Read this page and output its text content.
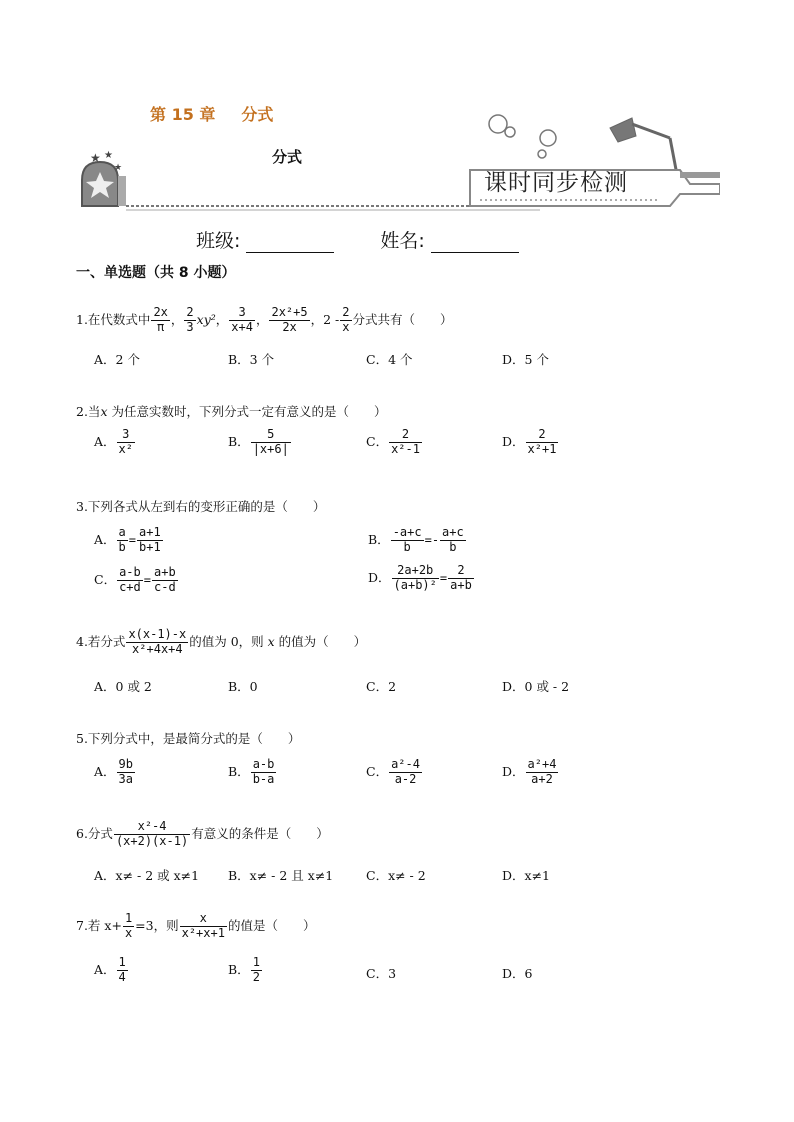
第 15 章 分式
★ ★
★
课时同步检测
分式
班级:	姓名:
一、单选题（共 8 小题）
1.在代数式中 $\frac{2x}{\pi}$ ， $\frac{2}{3} xy^2$， $\frac{3}{x+4}$ ， $\frac{\text{2x²+5}}{2x}$ ，$2 - \frac{2}{x}$ 分式共有（　　）
A．2 个	B．3 个	C．4 个	D．5 个
2.当x 为任意实数时，下列分式一定有意义的是（　　）
A． $\frac{3}{\text{x²}}$	B． $\frac{5}{|x+6|}$	C． $\frac{2}{\text{x²-1}}$	D． $\frac{2}{\text{x²+1}}$
3.下列各式从左到右的变形正确的是（　　）
A． $\frac{a}{b} = \frac{a+1}{b+1}$	B． $\frac{-a+c}{b} =- \frac{a+c}{b}$
C． $\frac{a-b}{c+d} = \frac{a+b}{c-d}$	D． $\frac{2a+2b}{\text{(a+b)²}} = \frac{2}{a+b}$
4.若分式 $\frac{x(x-1)-x}{\text{x²+4x+4}}$ 的值为 0，则 x 的值为（　　）
A．0 或 2	B．0	C．2	D．0 或 - 2
5.下列分式中，是最简分式的是（　　）
A． $\frac{9b}{3a}$	B． $\frac{a-b}{b-a}$	C． $\frac{\text{a²-4}}{a-2}$	D． $\frac{\text{a²+4}}{a+2}$
6.分式 $\frac{\text{x²-4}}{(x+2)(x-1)}$ 有意义的条件是（　　）
A．x≠ - 2 或 x≠1 B．x≠ - 2 且 x≠1	C．x≠ - 2	D．x≠1
7.若 $x+ \frac{1}{x} =3$，则 $\frac{x}{\text{x²+x+1}}$ 的值是（　　）
A． $\frac{1}{4}$	B． $\frac{1}{2}$	C．3	D．6
